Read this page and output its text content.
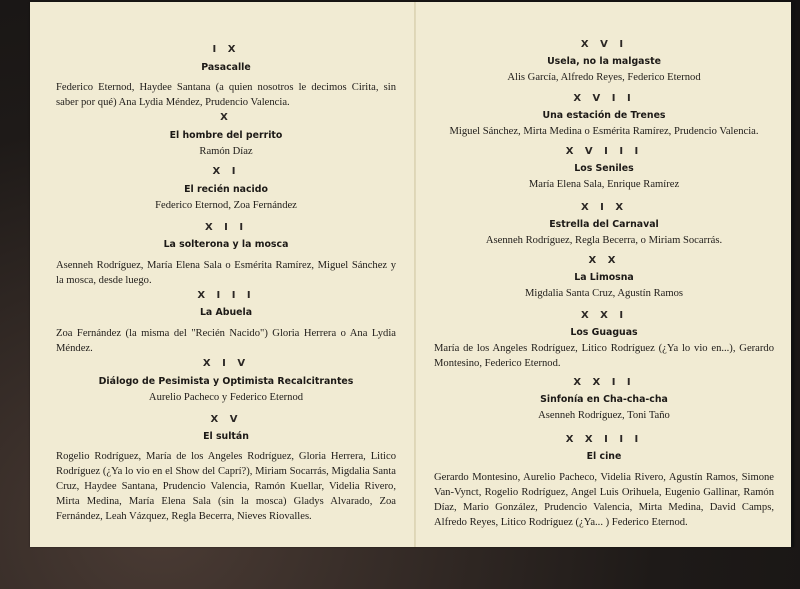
I X
Pasacalle
Federico Eternod, Haydee Santana (a quien nosotros le decimos Cirita, sin saber por qué) Ana Lydia Méndez, Prudencio Valencia.
X
El hombre del perrito
Ramón Díaz
X I
El recién nacido
Federico Eternod, Zoa Fernández
X I I
La solterona y la mosca
Asenneh Rodríguez, María Elena Sala o Esmérita Ramírez, Miguel Sánchez y la mosca, desde luego.
X I I I
La Abuela
Zoa Fernández (la misma del "Recién Nacido") Gloria Herrera o Ana Lydia Méndez.
X I V
Diálogo de Pesimista y Optimista Recalcitrantes
Aurelio Pacheco y Federico Eternod
X V
El sultán
Rogelio Rodríguez, María de los Angeles Rodríguez, Gloria Herrera, Litico Rodríguez (¿Ya lo vio en el Show del Caprí?), Miriam Socarrás, Migdalia Santa Cruz, Haydee Santana, Prudencio Valencia, Ramón Kuellar, Videlia Rivero, Mirta Medina, María Elena Sala (sin la mosca) Gladys Alvarado, Zoa Fernández, Leah Vázquez, Regla Becerra, Nieves Riovalles.
X V I
Usela, no la malgaste
Alis García, Alfredo Reyes, Federico Eternod
X V I I
Una estación de Trenes
Miguel Sánchez, Mirta Medina o Esmérita Ramírez, Prudencio Valencia.
X V I I I
Los Seniles
María Elena Sala, Enrique Ramírez
X I X
Estrella del Carnaval
Asenneh Rodríguez, Regla Becerra, o Miriam Socarrás.
X X
La Limosna
Migdalia Santa Cruz, Agustín Ramos
X X I
Los Guaguas
María de los Angeles Rodríguez, Litico Rodríguez (¿Ya lo vio en...), Gerardo Montesino, Federico Eternod.
X X I I
Sinfonía en Cha-cha-cha
Asenneh Rodríguez, Toni Taño
X X I I I
El cine
Gerardo Montesino, Aurelio Pacheco, Videlia Rivero, Agustín Ramos, Simone Van-Vynct, Rogelio Rodríguez, Angel Luis Orihuela, Eugenio Gallinar, Ramón Díaz, Mario González, Prudencio Valencia, Mirta Medina, David Camps, Alfredo Reyes, Litico Rodríguez (¿Ya... ) Federico Eternod.
